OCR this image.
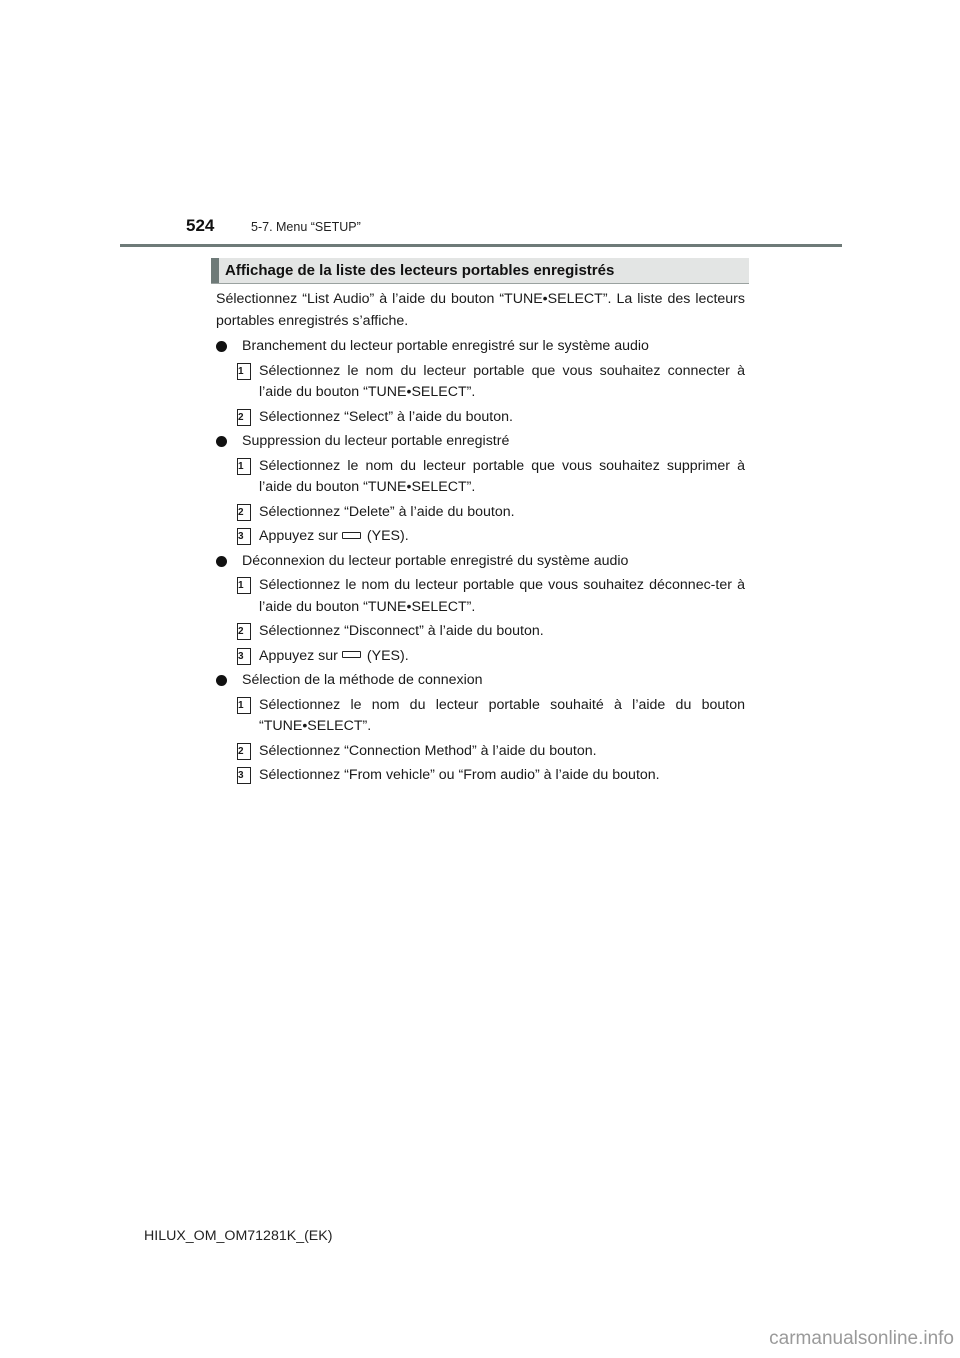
524	5-7. Menu “SETUP”
Affichage de la liste des lecteurs portables enregistrés

Sélectionnez “List Audio” à l’aide du bouton “TUNE•SELECT”. La liste des lecteurs portables enregistrés s’affiche.

Branchement du lecteur portable enregistré sur le système audio
1	Sélectionnez le nom du lecteur portable que vous souhaitez connecter à l’aide du bouton “TUNE•SELECT”.
2	Sélectionnez “Select” à l’aide du bouton.
Suppression du lecteur portable enregistré
1	Sélectionnez le nom du lecteur portable que vous souhaitez supprimer à l’aide du bouton “TUNE•SELECT”.
2	Sélectionnez “Delete” à l’aide du bouton.
3	Appuyez sur (YES).
Déconnexion du lecteur portable enregistré du système audio
1	Sélectionnez le nom du lecteur portable que vous souhaitez déconnec-ter à l’aide du bouton “TUNE•SELECT”.
2	Sélectionnez “Disconnect” à l’aide du bouton.
3	Appuyez sur (YES).
Sélection de la méthode de connexion
1	Sélectionnez le nom du lecteur portable souhaité à l’aide du bouton “TUNE•SELECT”.
2	Sélectionnez “Connection Method” à l’aide du bouton.
3	Sélectionnez “From vehicle” ou “From audio” à l’aide du bouton.
HILUX_OM_OM71281K_(EK)
carmanualsonline.info
